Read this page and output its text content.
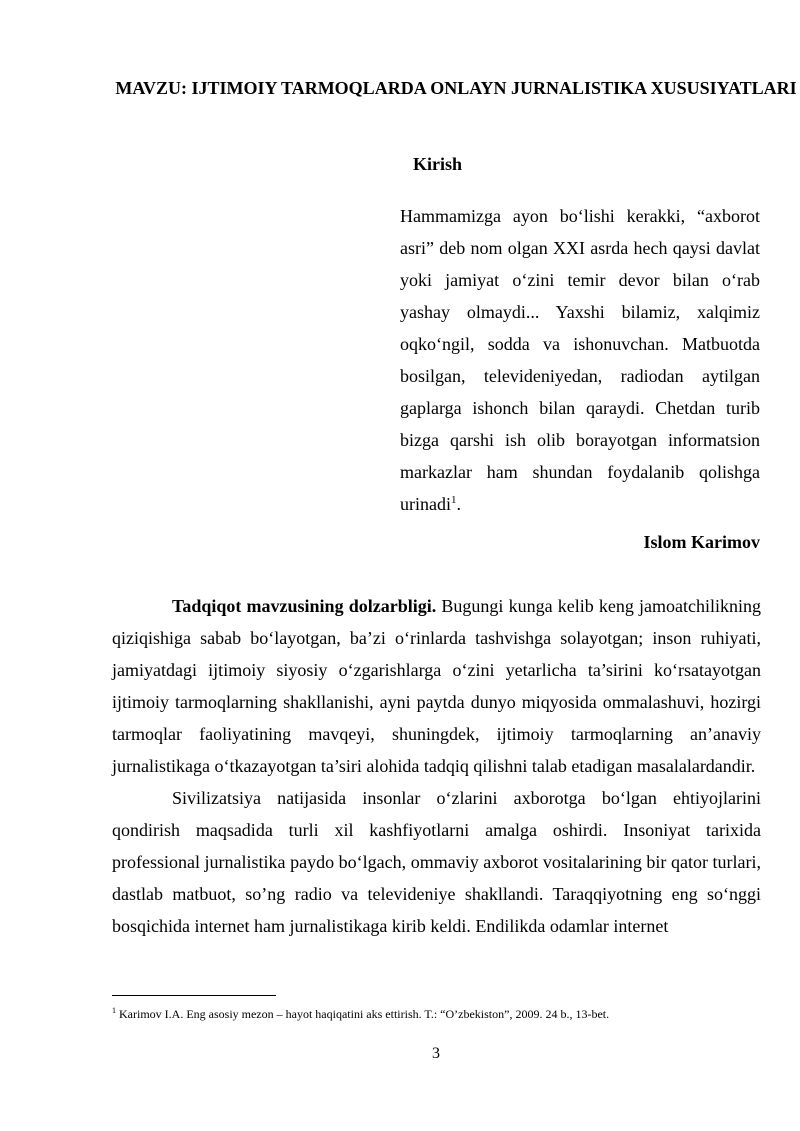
MAVZU: IJTIMOIY TARMOQLARDA ONLAYN JURNALISTIKA XUSUSIYATLARI
Kirish

Hammamizga ayon bo‘lishi kerakki, “axborot asri” deb nom olgan XXI asrda hech qaysi davlat yoki jamiyat o‘zini temir devor bilan o‘rab yashay olmaydi... Yaxshi bilamiz, xalqimiz oqko‘ngil, sodda va ishonuvchan. Matbuotda bosilgan, televideniyedan, radiodan aytilgan gaplarga ishonch bilan qaraydi. Chetdan turib bizga qarshi ish olib borayotgan informatsion markazlar ham shundan foydalanib qolishga urinadi$^1$.

Islom Karimov

Tadqiqot mavzusining dolzarbligi. Bugungi kunga kelib keng jamoatchilikning qiziqishiga sabab bo‘layotgan, ba’zi o‘rinlarda tashvishga solayotgan; inson ruhiyati, jamiyatdagi ijtimoiy siyosiy o‘zgarishlarga o‘zini yetarlicha ta’sirini ko‘rsatayotgan ijtimoiy tarmoqlarning shakllanishi, ayni paytda dunyo miqyosida ommalashuvi, hozirgi tarmoqlar faoliyatining mavqeyi, shuningdek, ijtimoiy tarmoqlarning an’anaviy jurnalistikaga o‘tkazayotgan ta’siri alohida tadqiq qilishni talab etadigan masalalardandir.

Sivilizatsiya natijasida insonlar o‘zlarini axborotga bo‘lgan ehtiyojlarini qondirish maqsadida turli xil kashfiyotlarni amalga oshirdi. Insoniyat tarixida professional jurnalistika paydo bo‘lgach, ommaviy axborot vositalarining bir qator turlari, dastlab matbuot, so’ng radio va televideniye shakllandi. Taraqqiyotning eng so‘nggi bosqichida internet ham jurnalistikaga kirib keldi. Endilikda odamlar internet

$^1$ Karimov I.A. Eng asosiy mezon – hayot haqiqatini aks ettirish. T.: “O’zbekiston”, 2009. 24 b., 13-bet.

3
